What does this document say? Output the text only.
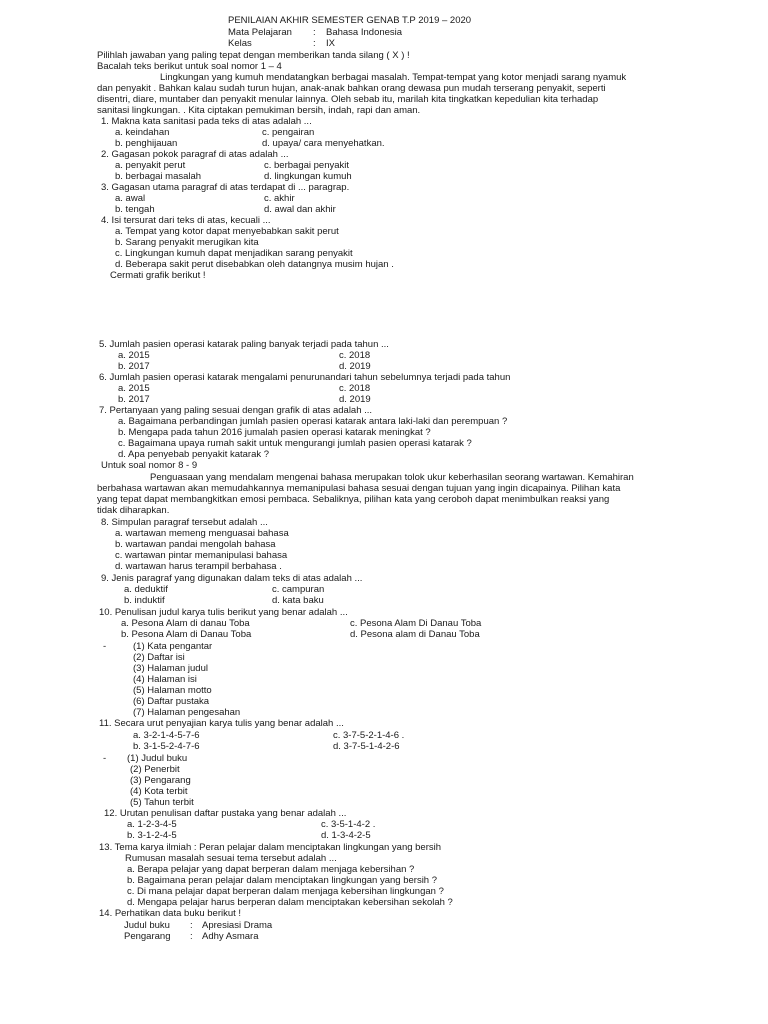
PENILAIAN AKHIR SEMESTER GENAB T.P 2019 – 2020
Mata Pelajaran : Bahasa Indonesia
Kelas	: IX
Pilihlah jawaban yang paling tepat dengan memberikan tanda silang ( X ) !
Bacalah teks berikut untuk soal nomor 1 – 4
Lingkungan yang kumuh mendatangkan berbagai masalah. Tempat-tempat yang kotor menjadi sarang nyamuk
dan penyakit . Bahkan kalau sudah turun hujan, anak-anak bahkan orang dewasa pun mudah terserang penyakit, seperti
disentri, diare, muntaber dan penyakit menular lainnya. Oleh sebab itu, marilah kita tingkatkan kepedulian kita terhadap
sanitasi lingkungan. . Kita ciptakan pemukiman bersih, indah, rapi dan aman.
1. Makna kata sanitasi pada teks di atas adalah ...
a. keindahan	c. pengairan
b. penghijauan	d. upaya/ cara menyehatkan.
2. Gagasan pokok paragraf di atas adalah ...
a. penyakit perut	c. berbagai penyakit
b. berbagai masalah	d. lingkungan kumuh
3. Gagasan utama paragraf di atas terdapat di ... paragrap.
a. awal	c. akhir
b. tengah	d. awal dan akhir
4. Isi tersurat dari teks di atas, kecuali ...
a. Tempat yang kotor dapat menyebabkan sakit perut
b. Sarang penyakit merugikan kita
c. Lingkungan kumuh dapat menjadikan sarang penyakit
d. Beberapa sakit perut disebabkan oleh datangnya musim hujan .
Cermati grafik berikut !
5. Jumlah pasien operasi katarak paling banyak terjadi pada tahun ...
a. 2015	c. 2018
b. 2017	d. 2019
6. Jumlah pasien operasi katarak mengalami penurunandari tahun sebelumnya terjadi pada tahun
a. 2015	c. 2018
b. 2017	d. 2019
7. Pertanyaan yang paling sesuai dengan grafik di atas adalah ...
a. Bagaimana perbandingan jumlah pasien operasi katarak antara laki-laki dan perempuan ?
b. Mengapa pada tahun 2016 jumalah pasien operasi katarak meningkat ?
c. Bagaimana upaya rumah sakit untuk mengurangi jumlah pasien operasi katarak ?
d. Apa penyebab penyakit katarak ?
Untuk soal nomor 8 - 9
Penguasaan yang mendalam mengenai bahasa merupakan tolok ukur keberhasilan seorang wartawan. Kemahiran
berbahasa wartawan akan memudahkannya memanipulasi bahasa sesuai dengan tujuan yang ingin dicapainya. Pilihan kata
yang tepat dapat membangkitkan emosi pembaca. Sebaliknya, pilihan kata yang ceroboh dapat menimbulkan reaksi yang
tidak diharapkan.
8. Simpulan paragraf tersebut adalah ...
a. wartawan memeng menguasai bahasa
b. wartawan pandai mengolah bahasa
c. wartawan pintar memanipulasi bahasa
d. wartawan harus terampil berbahasa .
9. Jenis paragraf yang digunakan dalam teks di atas adalah ...
a. deduktif	c. campuran
b. induktif	d. kata baku
10. Penulisan judul karya tulis berikut yang benar adalah ...
a. Pesona Alam di danau Toba	c. Pesona Alam Di Danau Toba
b. Pesona Alam di Danau Toba	d. Pesona alam di Danau Toba
-	(1) Kata pengantar
(2) Daftar isi
(3) Halaman judul
(4) Halaman isi
(5) Halaman motto
(6) Daftar pustaka
(7) Halaman pengesahan
11. Secara urut penyajian karya tulis yang benar adalah ...
a. 3-2-1-4-5-7-6	c. 3-7-5-2-1-4-6 .
b. 3-1-5-2-4-7-6	d. 3-7-5-1-4-2-6
- (1) Judul buku
(2) Penerbit
(3) Pengarang
(4) Kota terbit
(5) Tahun terbit
12. Urutan penulisan daftar pustaka yang benar adalah ...
a. 1-2-3-4-5	c. 3-5-1-4-2 .
b. 3-1-2-4-5	d. 1-3-4-2-5
13. Tema karya ilmiah : Peran pelajar dalam menciptakan lingkungan yang bersih
Rumusan masalah sesuai tema tersebut adalah ...
a. Berapa pelajar yang dapat berperan dalam menjaga kebersihan ?
b. Bagaimana peran pelajar dalam menciptakan lingkungan yang bersih ?
c. Di mana pelajar dapat berperan dalam menjaga kebersihan lingkungan ?
d. Mengapa pelajar harus berperan dalam menciptakan kebersihan sekolah ?
14. Perhatikan data buku berikut !
Judul buku : Apresiasi Drama
Pengarang : Adhy Asmara
